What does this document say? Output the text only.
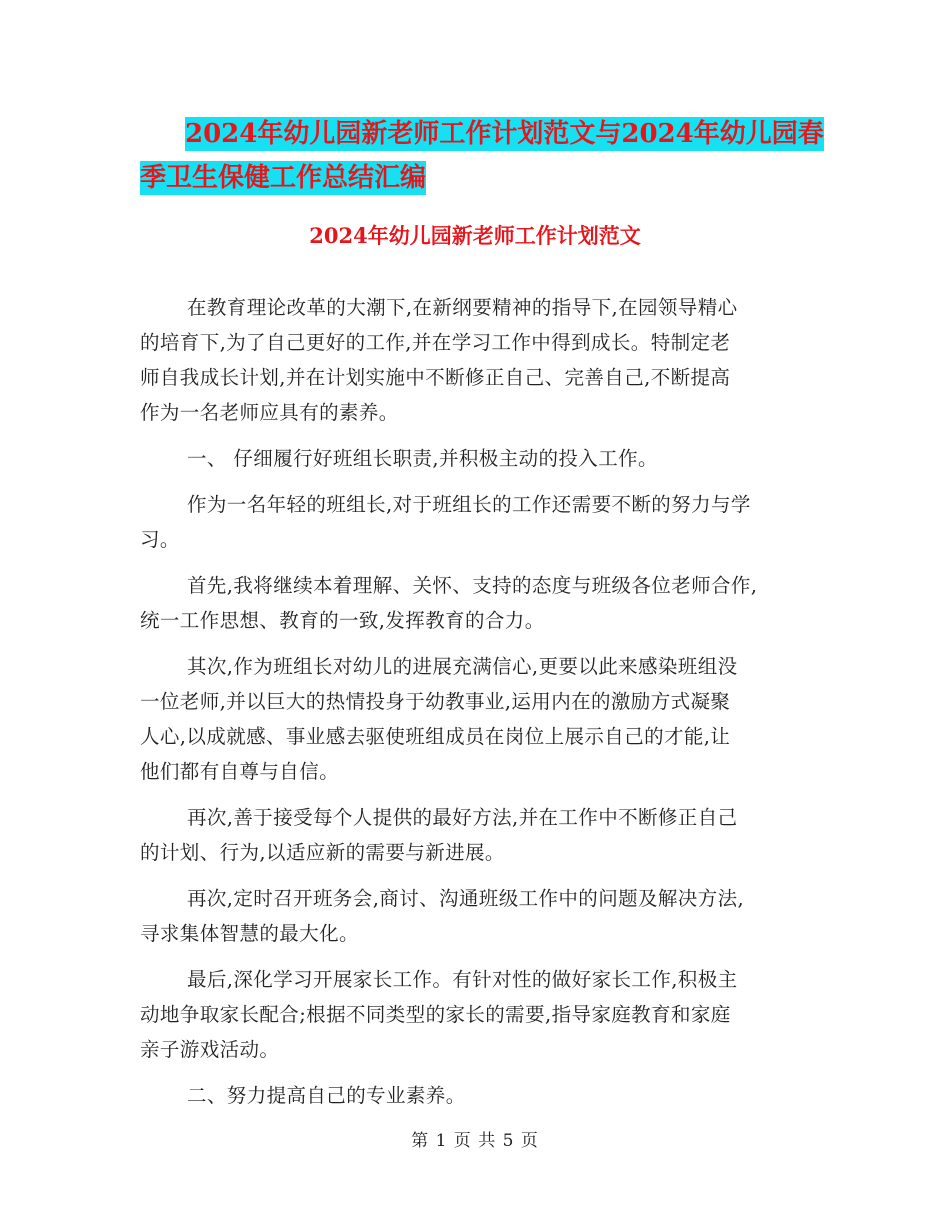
2024年幼儿园新老师工作计划范文与2024年幼儿园春
季卫生保健工作总结汇编
2024年幼儿园新老师工作计划范文
在教育理论改革的大潮下,在新纲要精神的指导下,在园领导精心
的培育下,为了自己更好的工作,并在学习工作中得到成长。特制定老
师自我成长计划,并在计划实施中不断修正自己、完善自己,不断提高
作为一名老师应具有的素养。
一、 仔细履行好班组长职责,并积极主动的投入工作。
作为一名年轻的班组长,对于班组长的工作还需要不断的努力与学
习。
首先,我将继续本着理解、关怀、支持的态度与班级各位老师合作,
统一工作思想、教育的一致,发挥教育的合力。
其次,作为班组长对幼儿的进展充满信心,更要以此来感染班组没
一位老师,并以巨大的热情投身于幼教事业,运用内在的激励方式凝聚
人心,以成就感、事业感去驱使班组成员在岗位上展示自己的才能,让
他们都有自尊与自信。
再次,善于接受每个人提供的最好方法,并在工作中不断修正自己
的计划、行为,以适应新的需要与新进展。
再次,定时召开班务会,商讨、沟通班级工作中的问题及解决方法,
寻求集体智慧的最大化。
最后,深化学习开展家长工作。有针对性的做好家长工作,积极主
动地争取家长配合;根据不同类型的家长的需要,指导家庭教育和家庭
亲子游戏活动。
二、努力提高自己的专业素养。
第 1 页 共 5 页
